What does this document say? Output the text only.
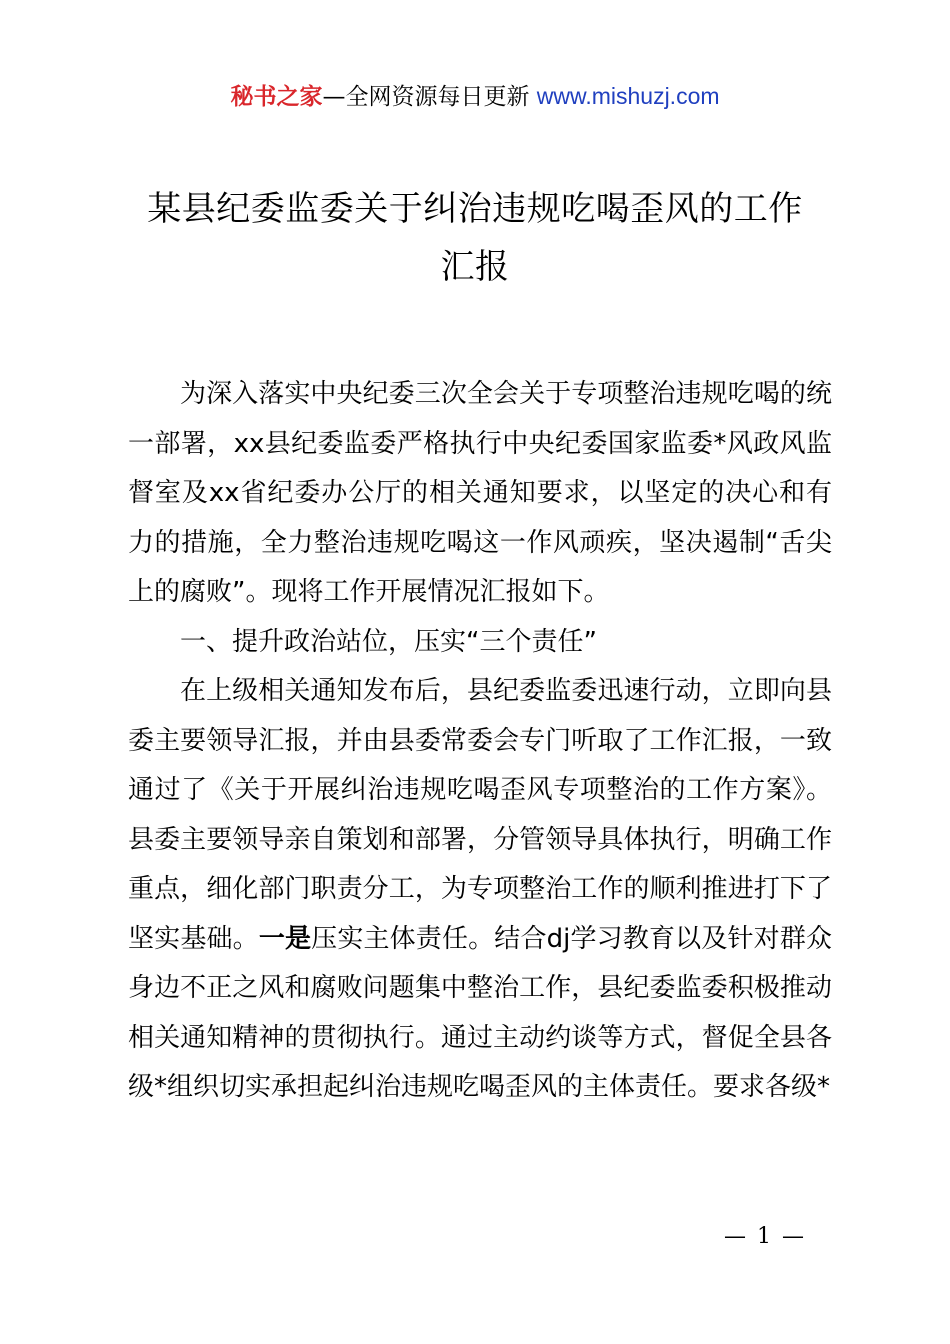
秘书之家—全网资源每日更新 www.mishuzj.com
某县纪委监委关于纠治违规吃喝歪风的工作
汇报

为深入落实中央纪委三次全会关于专项整治违规吃喝的统一部署，xx县纪委监委严格执行中央纪委国家监委*风政风监督室及xx省纪委办公厅的相关通知要求，以坚定的决心和有力的措施，全力整治违规吃喝这一作风顽疾，坚决遏制“舌尖上的腐败”。现将工作开展情况汇报如下。

一、提升政治站位，压实“三个责任”

在上级相关通知发布后，县纪委监委迅速行动，立即向县委主要领导汇报，并由县委常委会专门听取了工作汇报，一致通过了《关于开展纠治违规吃喝歪风专项整治的工作方案》。县委主要领导亲自策划和部署，分管领导具体执行，明确工作重点，细化部门职责分工，为专项整治工作的顺利推进打下了坚实基础。一是压实主体责任。结合dj学习教育以及针对群众身边不正之风和腐败问题集中整治工作，县纪委监委积极推动相关通知精神的贯彻执行。通过主动约谈等方式，督促全县各级*组织切实承担起纠治违规吃喝歪风的主体责任。要求各级*

— 1 —
